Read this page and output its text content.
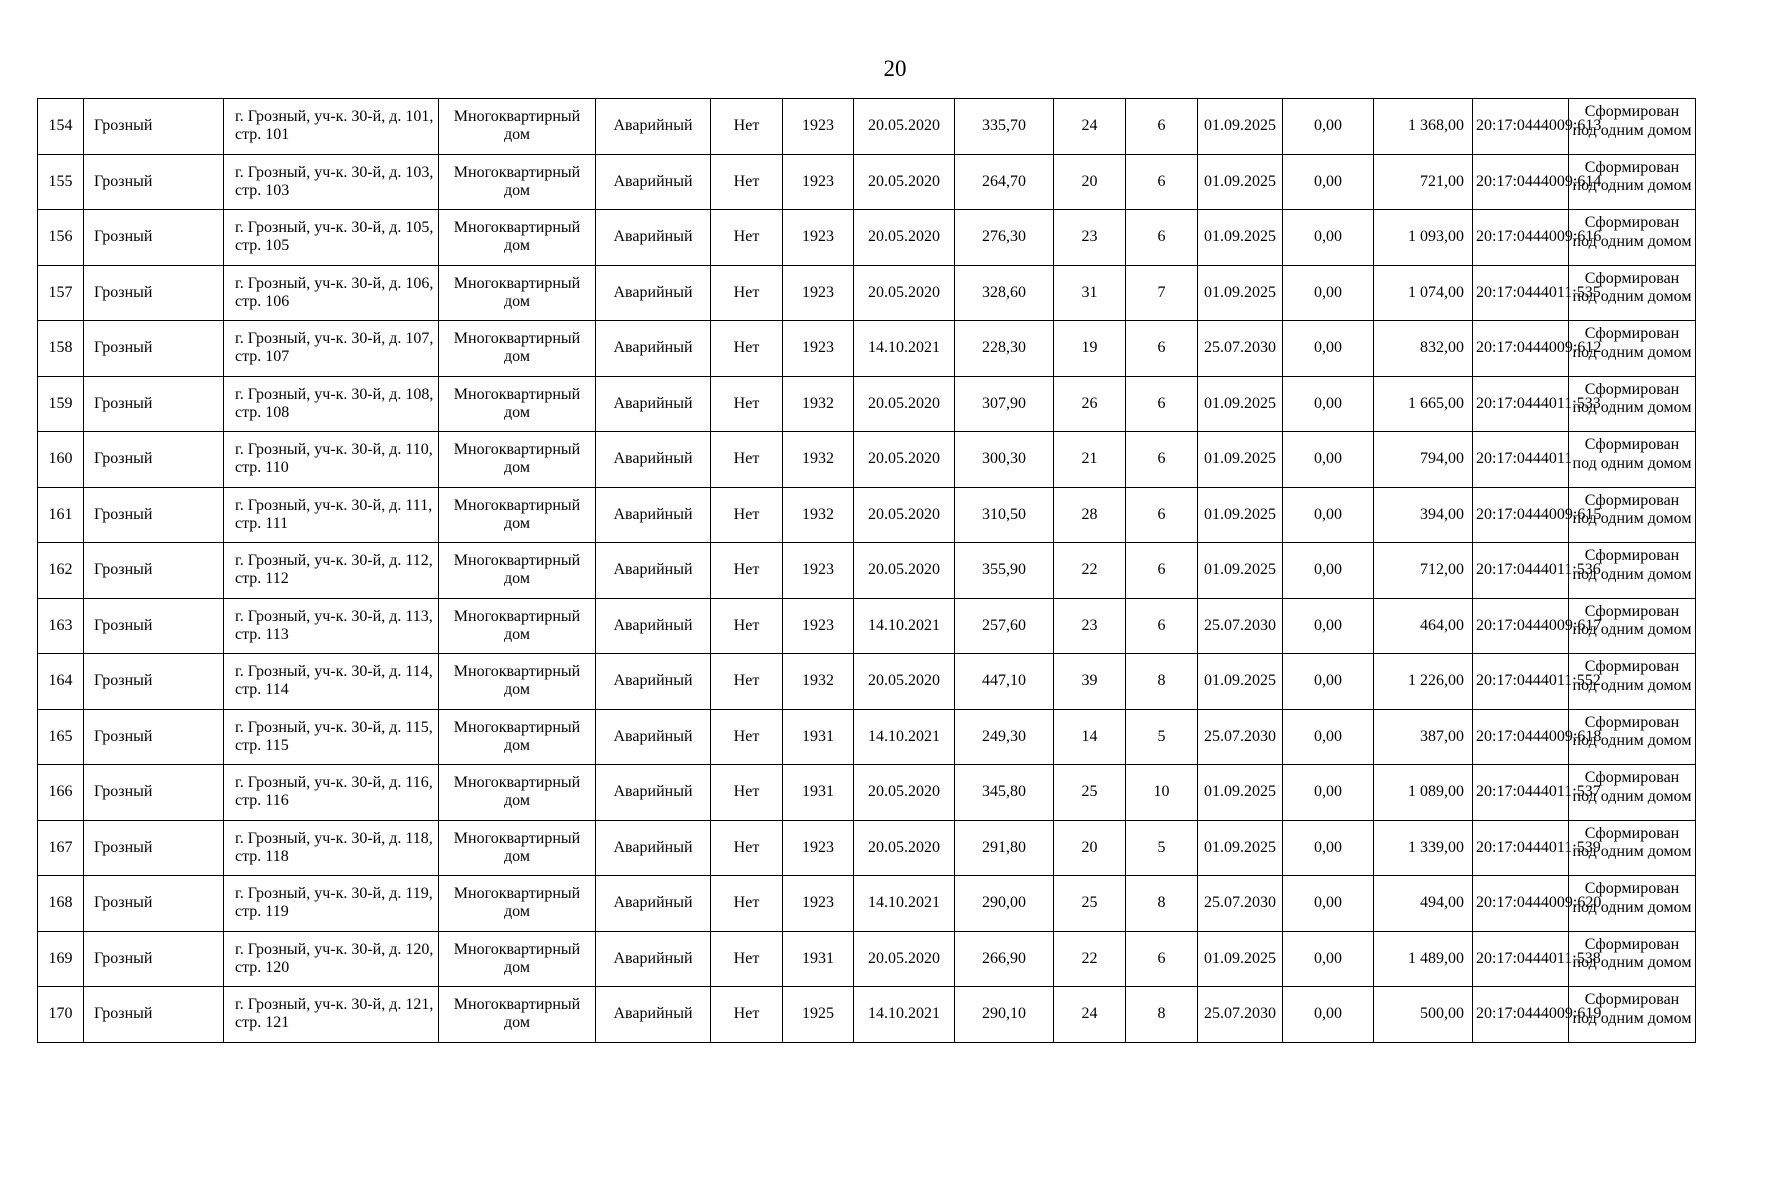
20
154	Грозный	г. Грозный, уч-к. 30-й, д. 101, стр. 101	Многоквартирный дом	Аварийный	Нет	1923	20.05.2020	335,70	24	6	01.09.2025	0,00	1 368,00	20:17:0444009:613	Сформирован под одним домом
155	Грозный	г. Грозный, уч-к. 30-й, д. 103, стр. 103	Многоквартирный дом	Аварийный	Нет	1923	20.05.2020	264,70	20	6	01.09.2025	0,00	721,00	20:17:0444009:614	Сформирован под одним домом
156	Грозный	г. Грозный, уч-к. 30-й, д. 105, стр. 105	Многоквартирный дом	Аварийный	Нет	1923	20.05.2020	276,30	23	6	01.09.2025	0,00	1 093,00	20:17:0444009:616	Сформирован под одним домом
157	Грозный	г. Грозный, уч-к. 30-й, д. 106, стр. 106	Многоквартирный дом	Аварийный	Нет	1923	20.05.2020	328,60	31	7	01.09.2025	0,00	1 074,00	20:17:0444011:535	Сформирован под одним домом
158	Грозный	г. Грозный, уч-к. 30-й, д. 107, стр. 107	Многоквартирный дом	Аварийный	Нет	1923	14.10.2021	228,30	19	6	25.07.2030	0,00	832,00	20:17:0444009:612	Сформирован под одним домом
159	Грозный	г. Грозный, уч-к. 30-й, д. 108, стр. 108	Многоквартирный дом	Аварийный	Нет	1932	20.05.2020	307,90	26	6	01.09.2025	0,00	1 665,00	20:17:0444011:533	Сформирован под одним домом
160	Грозный	г. Грозный, уч-к. 30-й, д. 110, стр. 110	Многоквартирный дом	Аварийный	Нет	1932	20.05.2020	300,30	21	6	01.09.2025	0,00	794,00	20:17:0444011	Сформирован под одним домом
161	Грозный	г. Грозный, уч-к. 30-й, д. 111, стр. 111	Многоквартирный дом	Аварийный	Нет	1932	20.05.2020	310,50	28	6	01.09.2025	0,00	394,00	20:17:0444009:615	Сформирован под одним домом
162	Грозный	г. Грозный, уч-к. 30-й, д. 112, стр. 112	Многоквартирный дом	Аварийный	Нет	1923	20.05.2020	355,90	22	6	01.09.2025	0,00	712,00	20:17:0444011:536	Сформирован под одним домом
163	Грозный	г. Грозный, уч-к. 30-й, д. 113, стр. 113	Многоквартирный дом	Аварийный	Нет	1923	14.10.2021	257,60	23	6	25.07.2030	0,00	464,00	20:17:0444009:617	Сформирован под одним домом
164	Грозный	г. Грозный, уч-к. 30-й, д. 114, стр. 114	Многоквартирный дом	Аварийный	Нет	1932	20.05.2020	447,10	39	8	01.09.2025	0,00	1 226,00	20:17:0444011:552	Сформирован под одним домом
165	Грозный	г. Грозный, уч-к. 30-й, д. 115, стр. 115	Многоквартирный дом	Аварийный	Нет	1931	14.10.2021	249,30	14	5	25.07.2030	0,00	387,00	20:17:0444009:618	Сформирован под одним домом
166	Грозный	г. Грозный, уч-к. 30-й, д. 116, стр. 116	Многоквартирный дом	Аварийный	Нет	1931	20.05.2020	345,80	25	10	01.09.2025	0,00	1 089,00	20:17:0444011:537	Сформирован под одним домом
167	Грозный	г. Грозный, уч-к. 30-й, д. 118, стр. 118	Многоквартирный дом	Аварийный	Нет	1923	20.05.2020	291,80	20	5	01.09.2025	0,00	1 339,00	20:17:0444011:539	Сформирован под одним домом
168	Грозный	г. Грозный, уч-к. 30-й, д. 119, стр. 119	Многоквартирный дом	Аварийный	Нет	1923	14.10.2021	290,00	25	8	25.07.2030	0,00	494,00	20:17:0444009:620	Сформирован под одним домом
169	Грозный	г. Грозный, уч-к. 30-й, д. 120, стр. 120	Многоквартирный дом	Аварийный	Нет	1931	20.05.2020	266,90	22	6	01.09.2025	0,00	1 489,00	20:17:0444011:538	Сформирован под одним домом
170	Грозный	г. Грозный, уч-к. 30-й, д. 121, стр. 121	Многоквартирный дом	Аварийный	Нет	1925	14.10.2021	290,10	24	8	25.07.2030	0,00	500,00	20:17:0444009:619	Сформирован под одним домом
